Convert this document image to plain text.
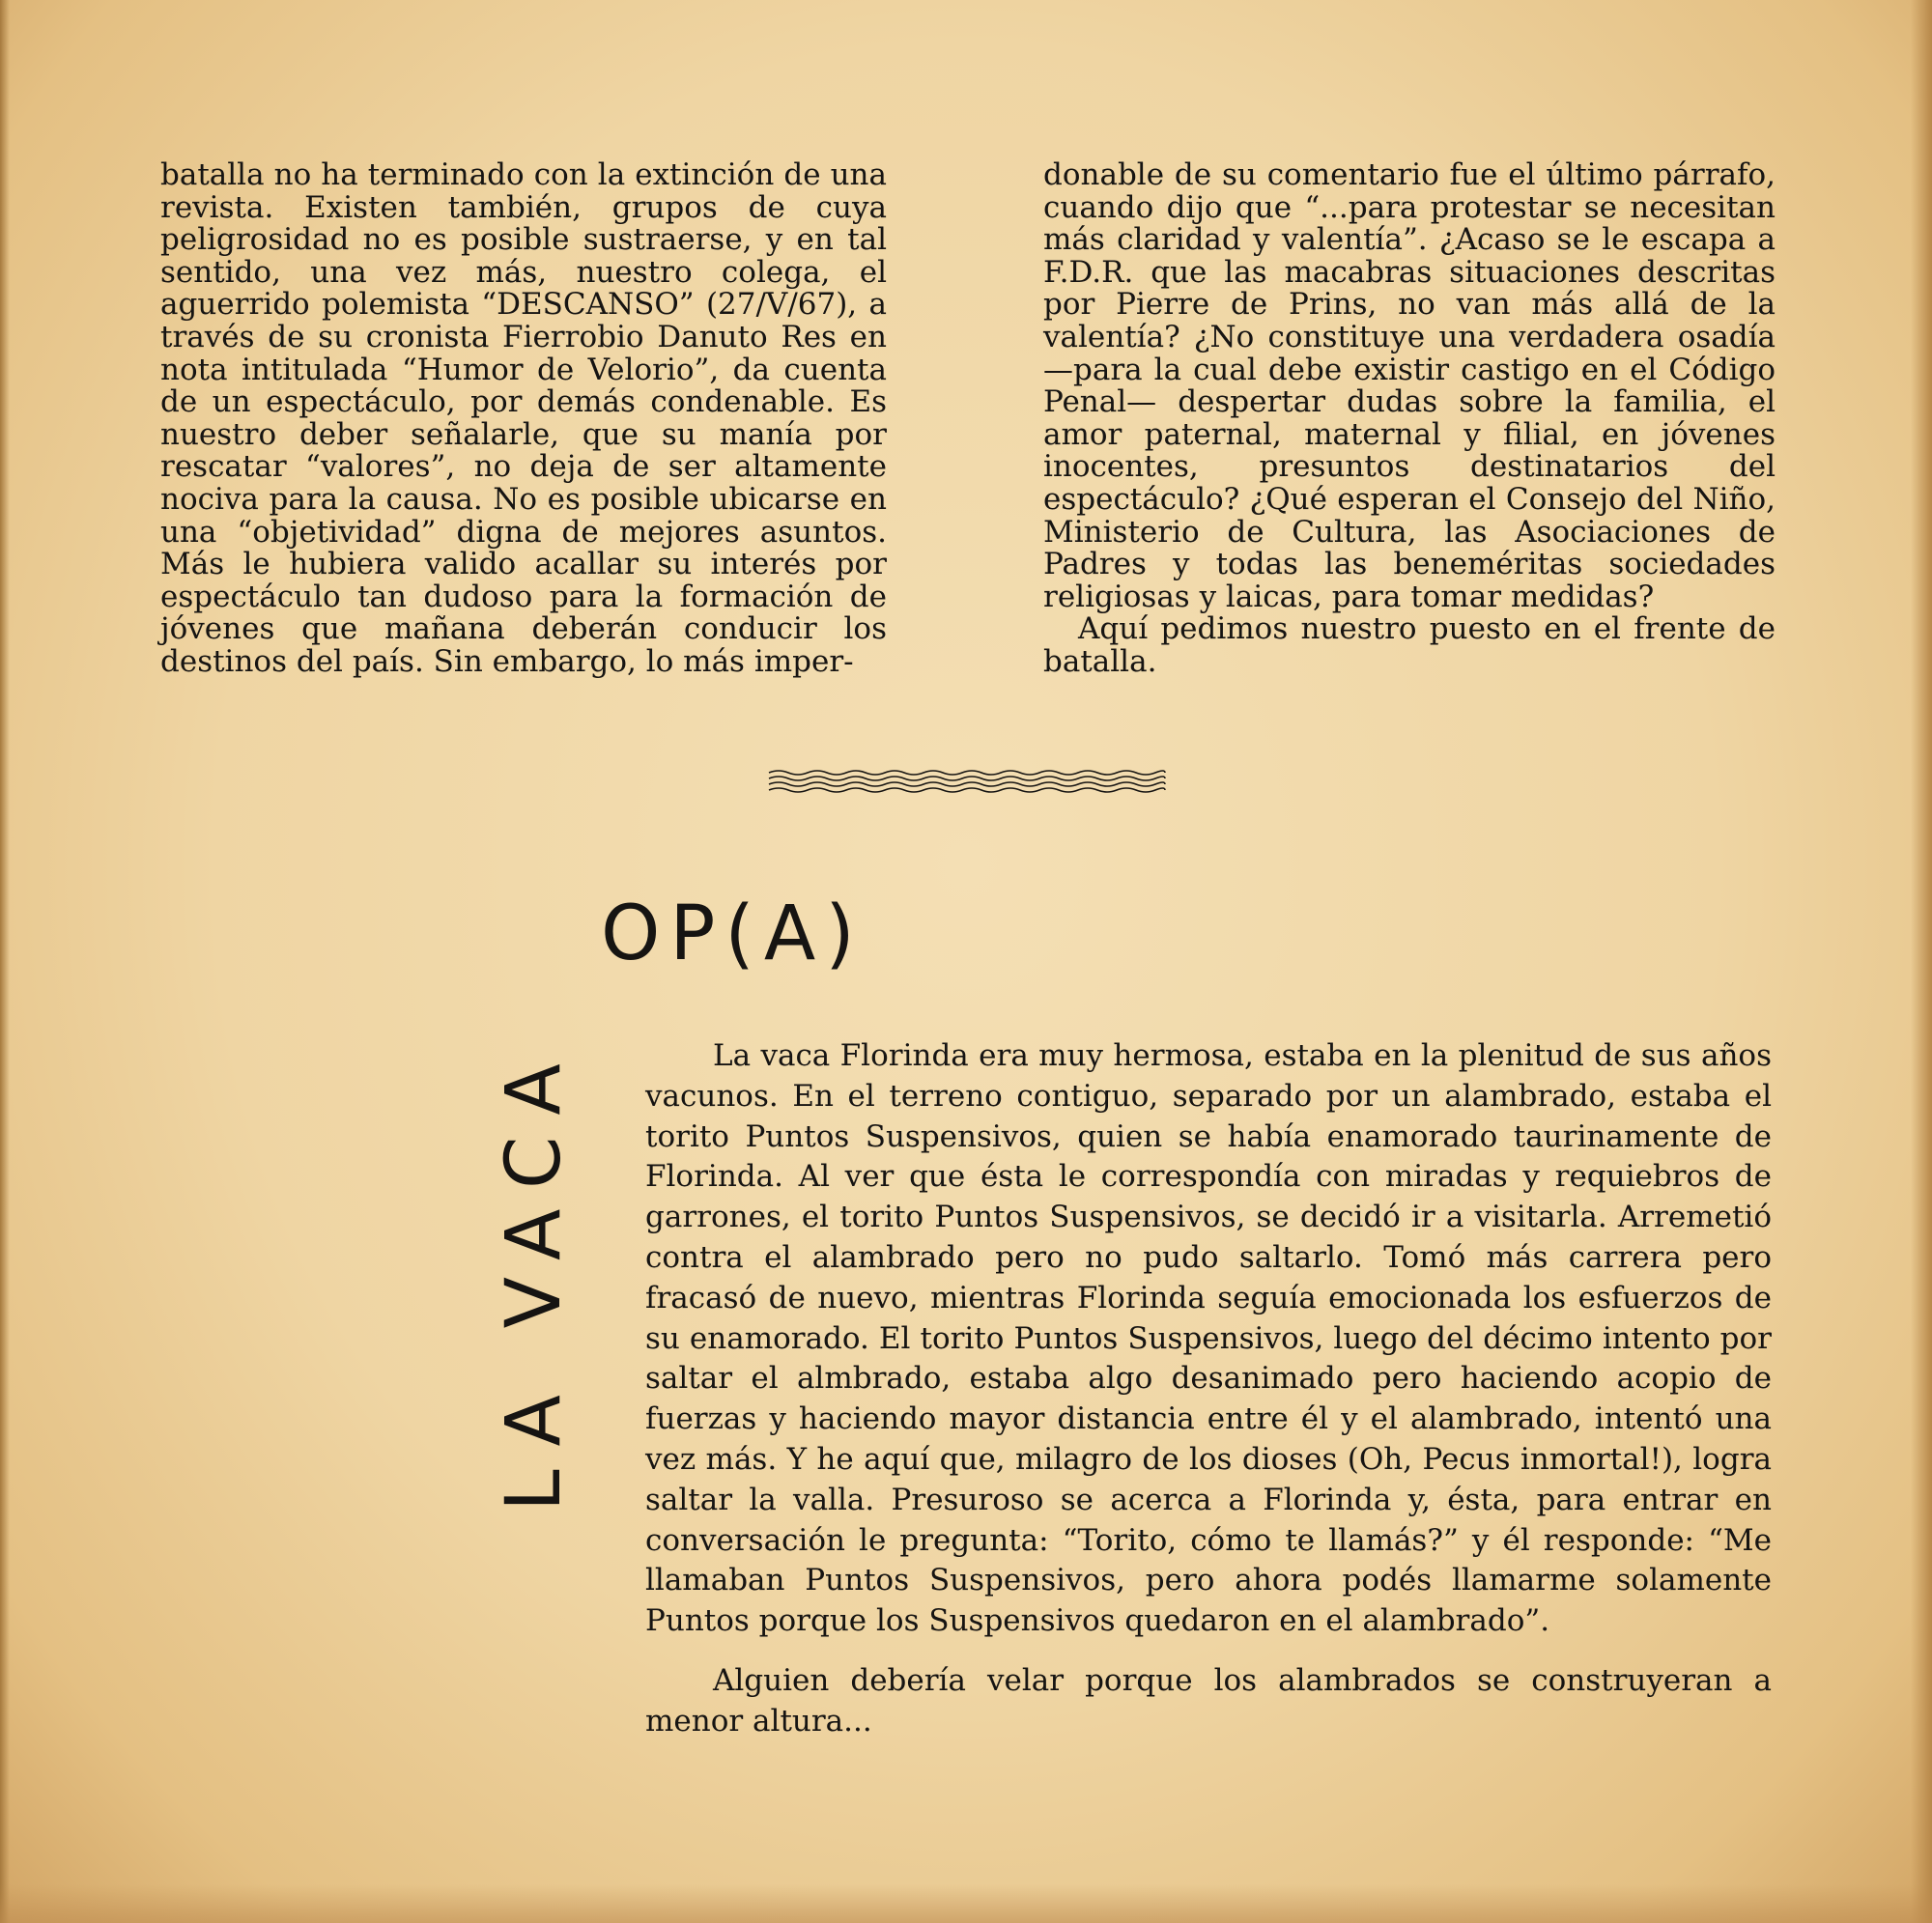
batalla no ha terminado con la extinción de una revista. Existen también, grupos de cuya peligrosidad no es posible sustraerse, y en tal sentido, una vez más, nuestro colega, el aguerrido polemista “DESCANSO” (27/V/67), a través de su cronista Fierrobio Danuto Res en nota intitulada “Humor de Velorio”, da cuenta de un espectáculo, por demás condenable. Es nuestro deber señalarle, que su manía por rescatar “valores”, no deja de ser altamente nociva para la causa. No es posible ubicarse en una “objetividad” digna de mejores asuntos. Más le hubiera valido acallar su interés por espectáculo tan dudoso para la formación de jóvenes que mañana deberán conducir los destinos del país. Sin embargo, lo más imper-

donable de su comentario fue el último párrafo, cuando dijo que “...para protestar se necesitan más claridad y valentía”. ¿Acaso se le escapa a F.D.R. que las macabras situaciones descritas por Pierre de Prins, no van más allá de la valentía? ¿No constituye una verdadera osadía —para la cual debe existir castigo en el Código Penal— despertar dudas sobre la familia, el amor paternal, maternal y filial, en jóvenes inocentes, presuntos destinatarios del espectáculo? ¿Qué esperan el Consejo del Niño, Ministerio de Cultura, las Asociaciones de Padres y todas las beneméritas sociedades religiosas y laicas, para tomar medidas?

Aquí pedimos nuestro puesto en el frente de batalla.

OP(A)
LA VACA	La vaca Florinda era muy hermosa, estaba en la plenitud de sus años vacunos. En el terreno contiguo, separado por un alambrado, estaba el torito Puntos Suspensivos, quien se había enamorado taurinamente de Florinda. Al ver que ésta le correspondía con miradas y requiebros de garrones, el torito Puntos Suspensivos, se decidó ir a visitarla. Arremetió contra el alambrado pero no pudo saltarlo. Tomó más carrera pero fracasó de nuevo, mientras Florinda seguía emocionada los esfuerzos de su enamorado. El torito Puntos Suspensivos, luego del décimo intento por saltar el almbrado, estaba algo desanimado pero haciendo acopio de fuerzas y haciendo mayor distancia entre él y el alambrado, intentó una vez más. Y he aquí que, milagro de los dioses (Oh, Pecus inmortal!), logra saltar la valla. Presuroso se acerca a Florinda y, ésta, para entrar en conversación le pregunta: “Torito, cómo te llamás?” y él responde: “Me llamaban Puntos Suspensivos, pero ahora podés llamarme solamente Puntos porque los Suspensivos quedaron en el alambrado”.

Alguien debería velar porque los alambrados se construyeran a menor altura...
